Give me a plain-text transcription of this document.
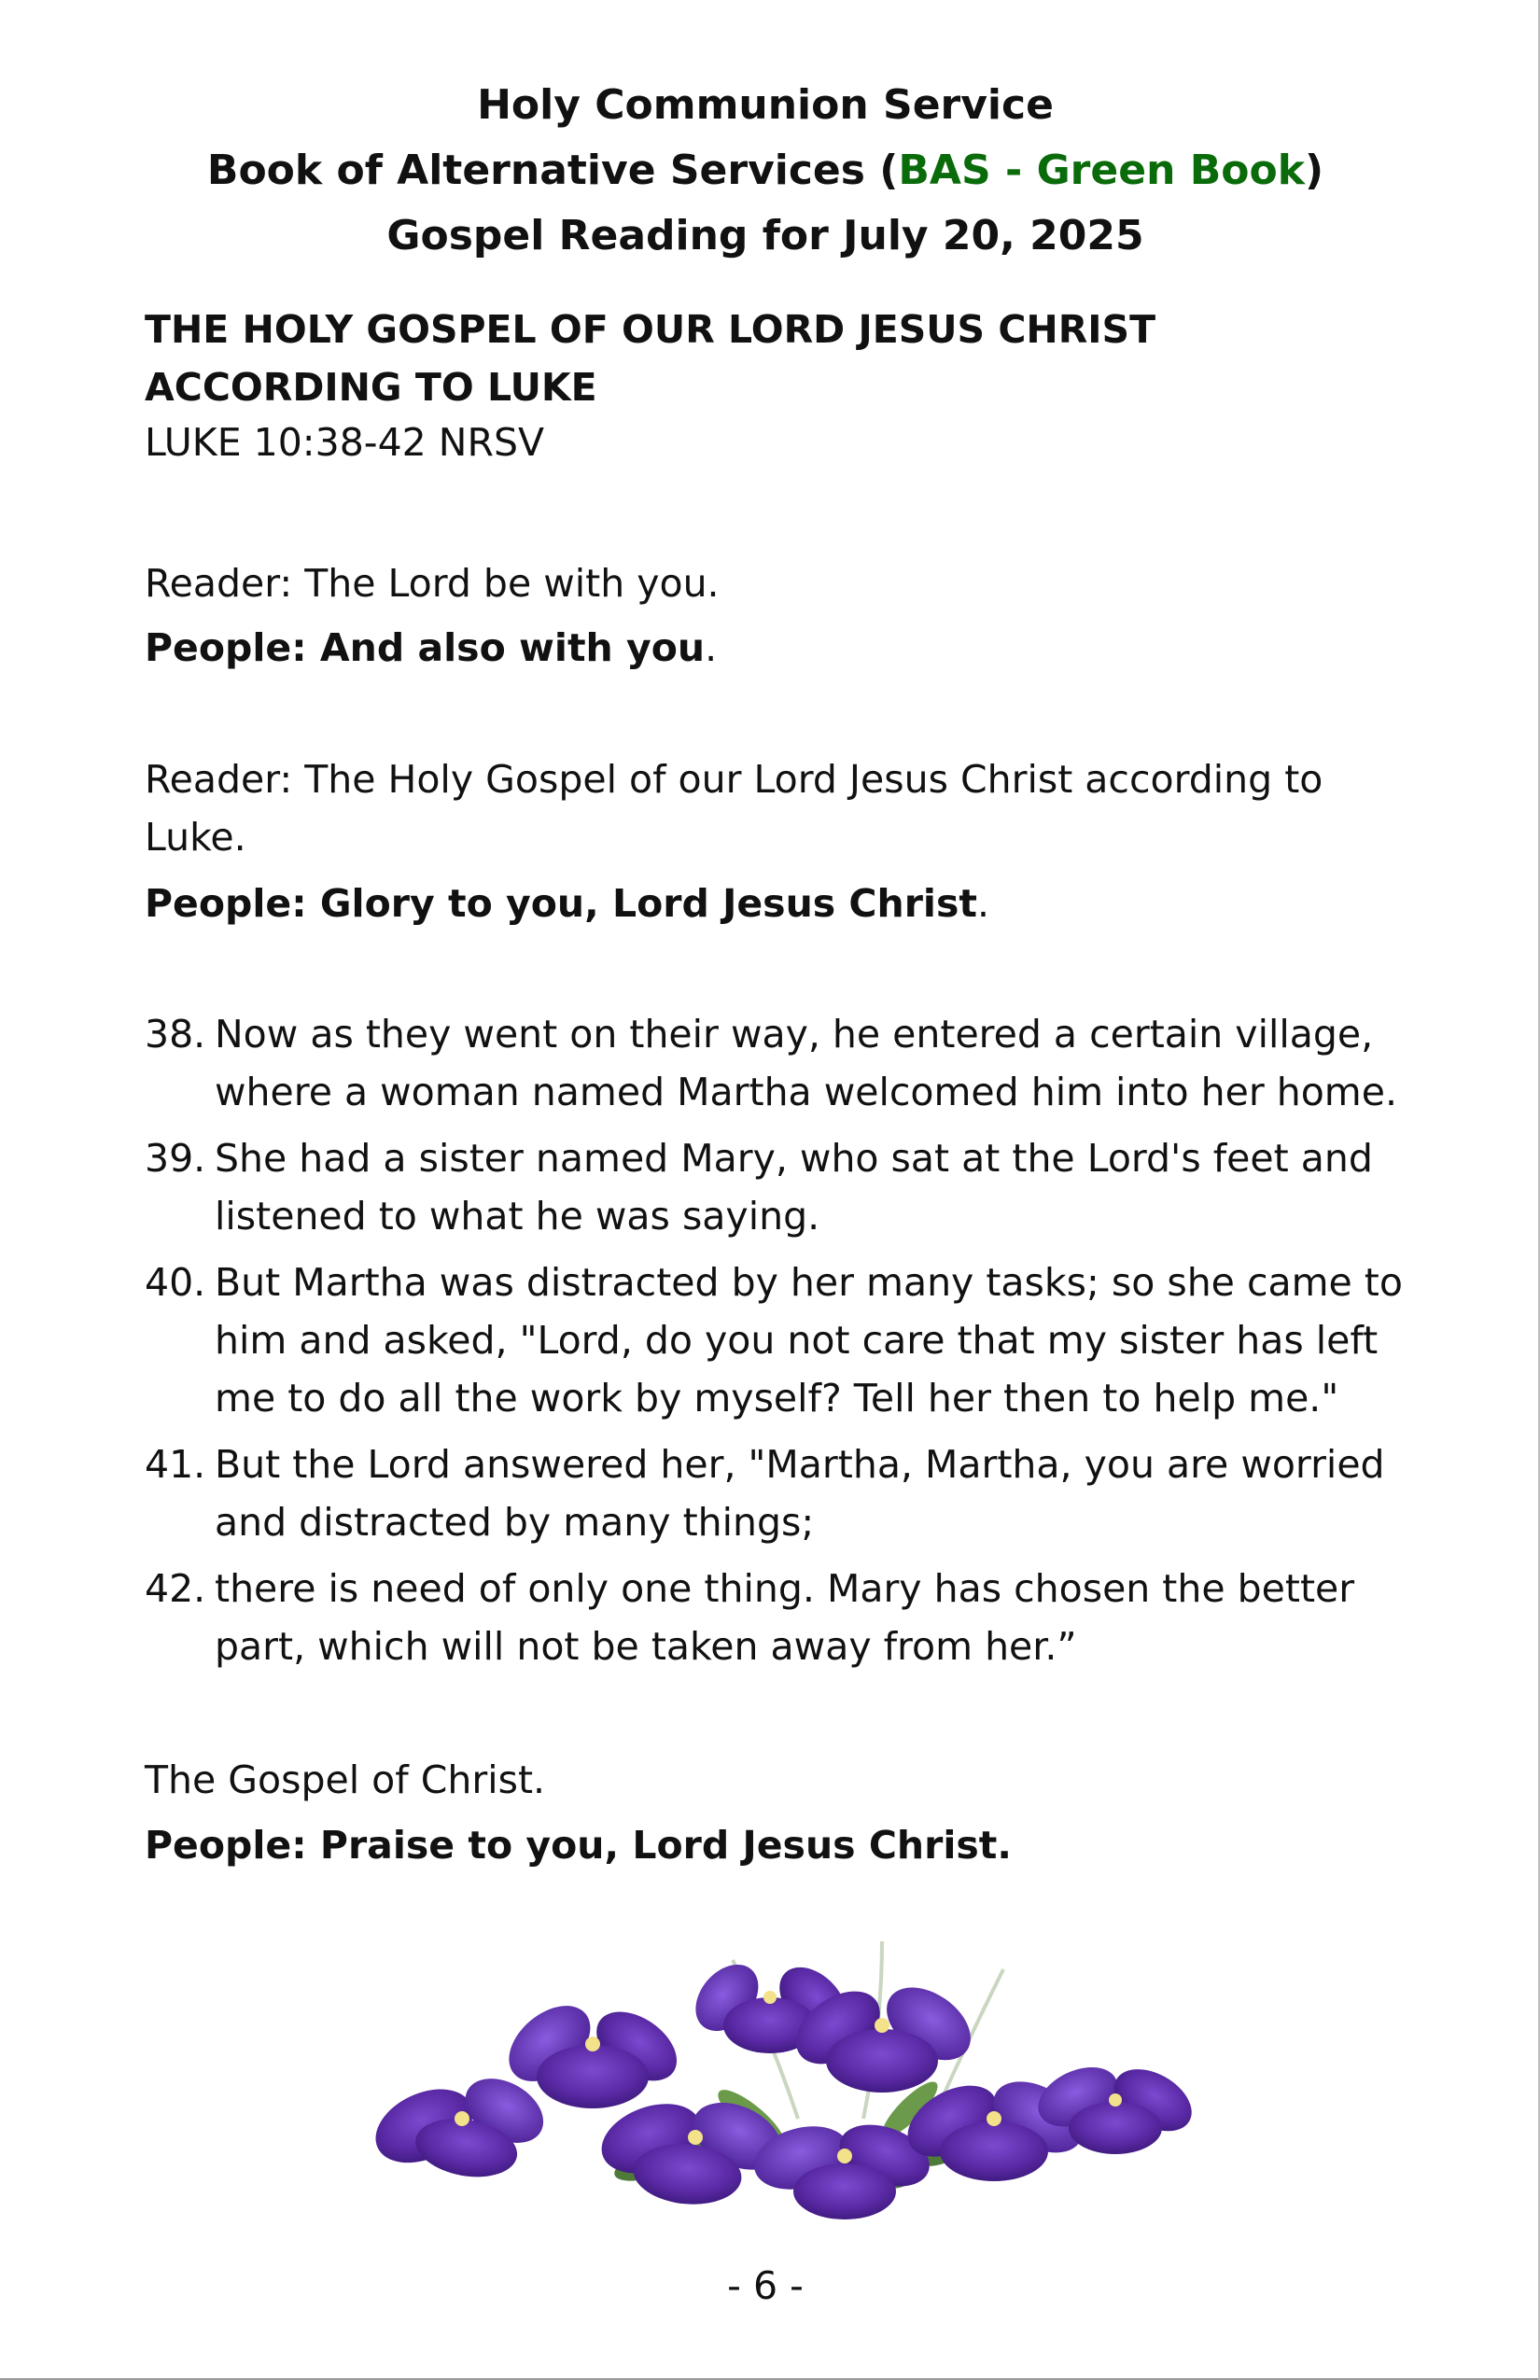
Holy Communion Service
Book of Alternative Services (BAS - Green Book)
Gospel Reading for July 20, 2025
THE HOLY GOSPEL OF OUR LORD JESUS CHRIST
ACCORDING TO LUKE
LUKE 10:38-42 NRSV
Reader: The Lord be with you.
People: And also with you.
Reader: The Holy Gospel of our Lord Jesus Christ according to Luke.
People: Glory to you, Lord Jesus Christ.
38. Now as they went on their way, he entered a certain village, where a woman named Martha welcomed him into her home.
39. She had a sister named Mary, who sat at the Lord's feet and listened to what he was saying.
40. But Martha was distracted by her many tasks; so she came to him and asked, "Lord, do you not care that my sister has left me to do all the work by myself? Tell her then to help me."
41. But the Lord answered her, "Martha, Martha, you are worried and distracted by many things;
42. there is need of only one thing. Mary has chosen the better part, which will not be taken away from her.”
The Gospel of Christ.
People: Praise to you, Lord Jesus Christ.
- 6 -
